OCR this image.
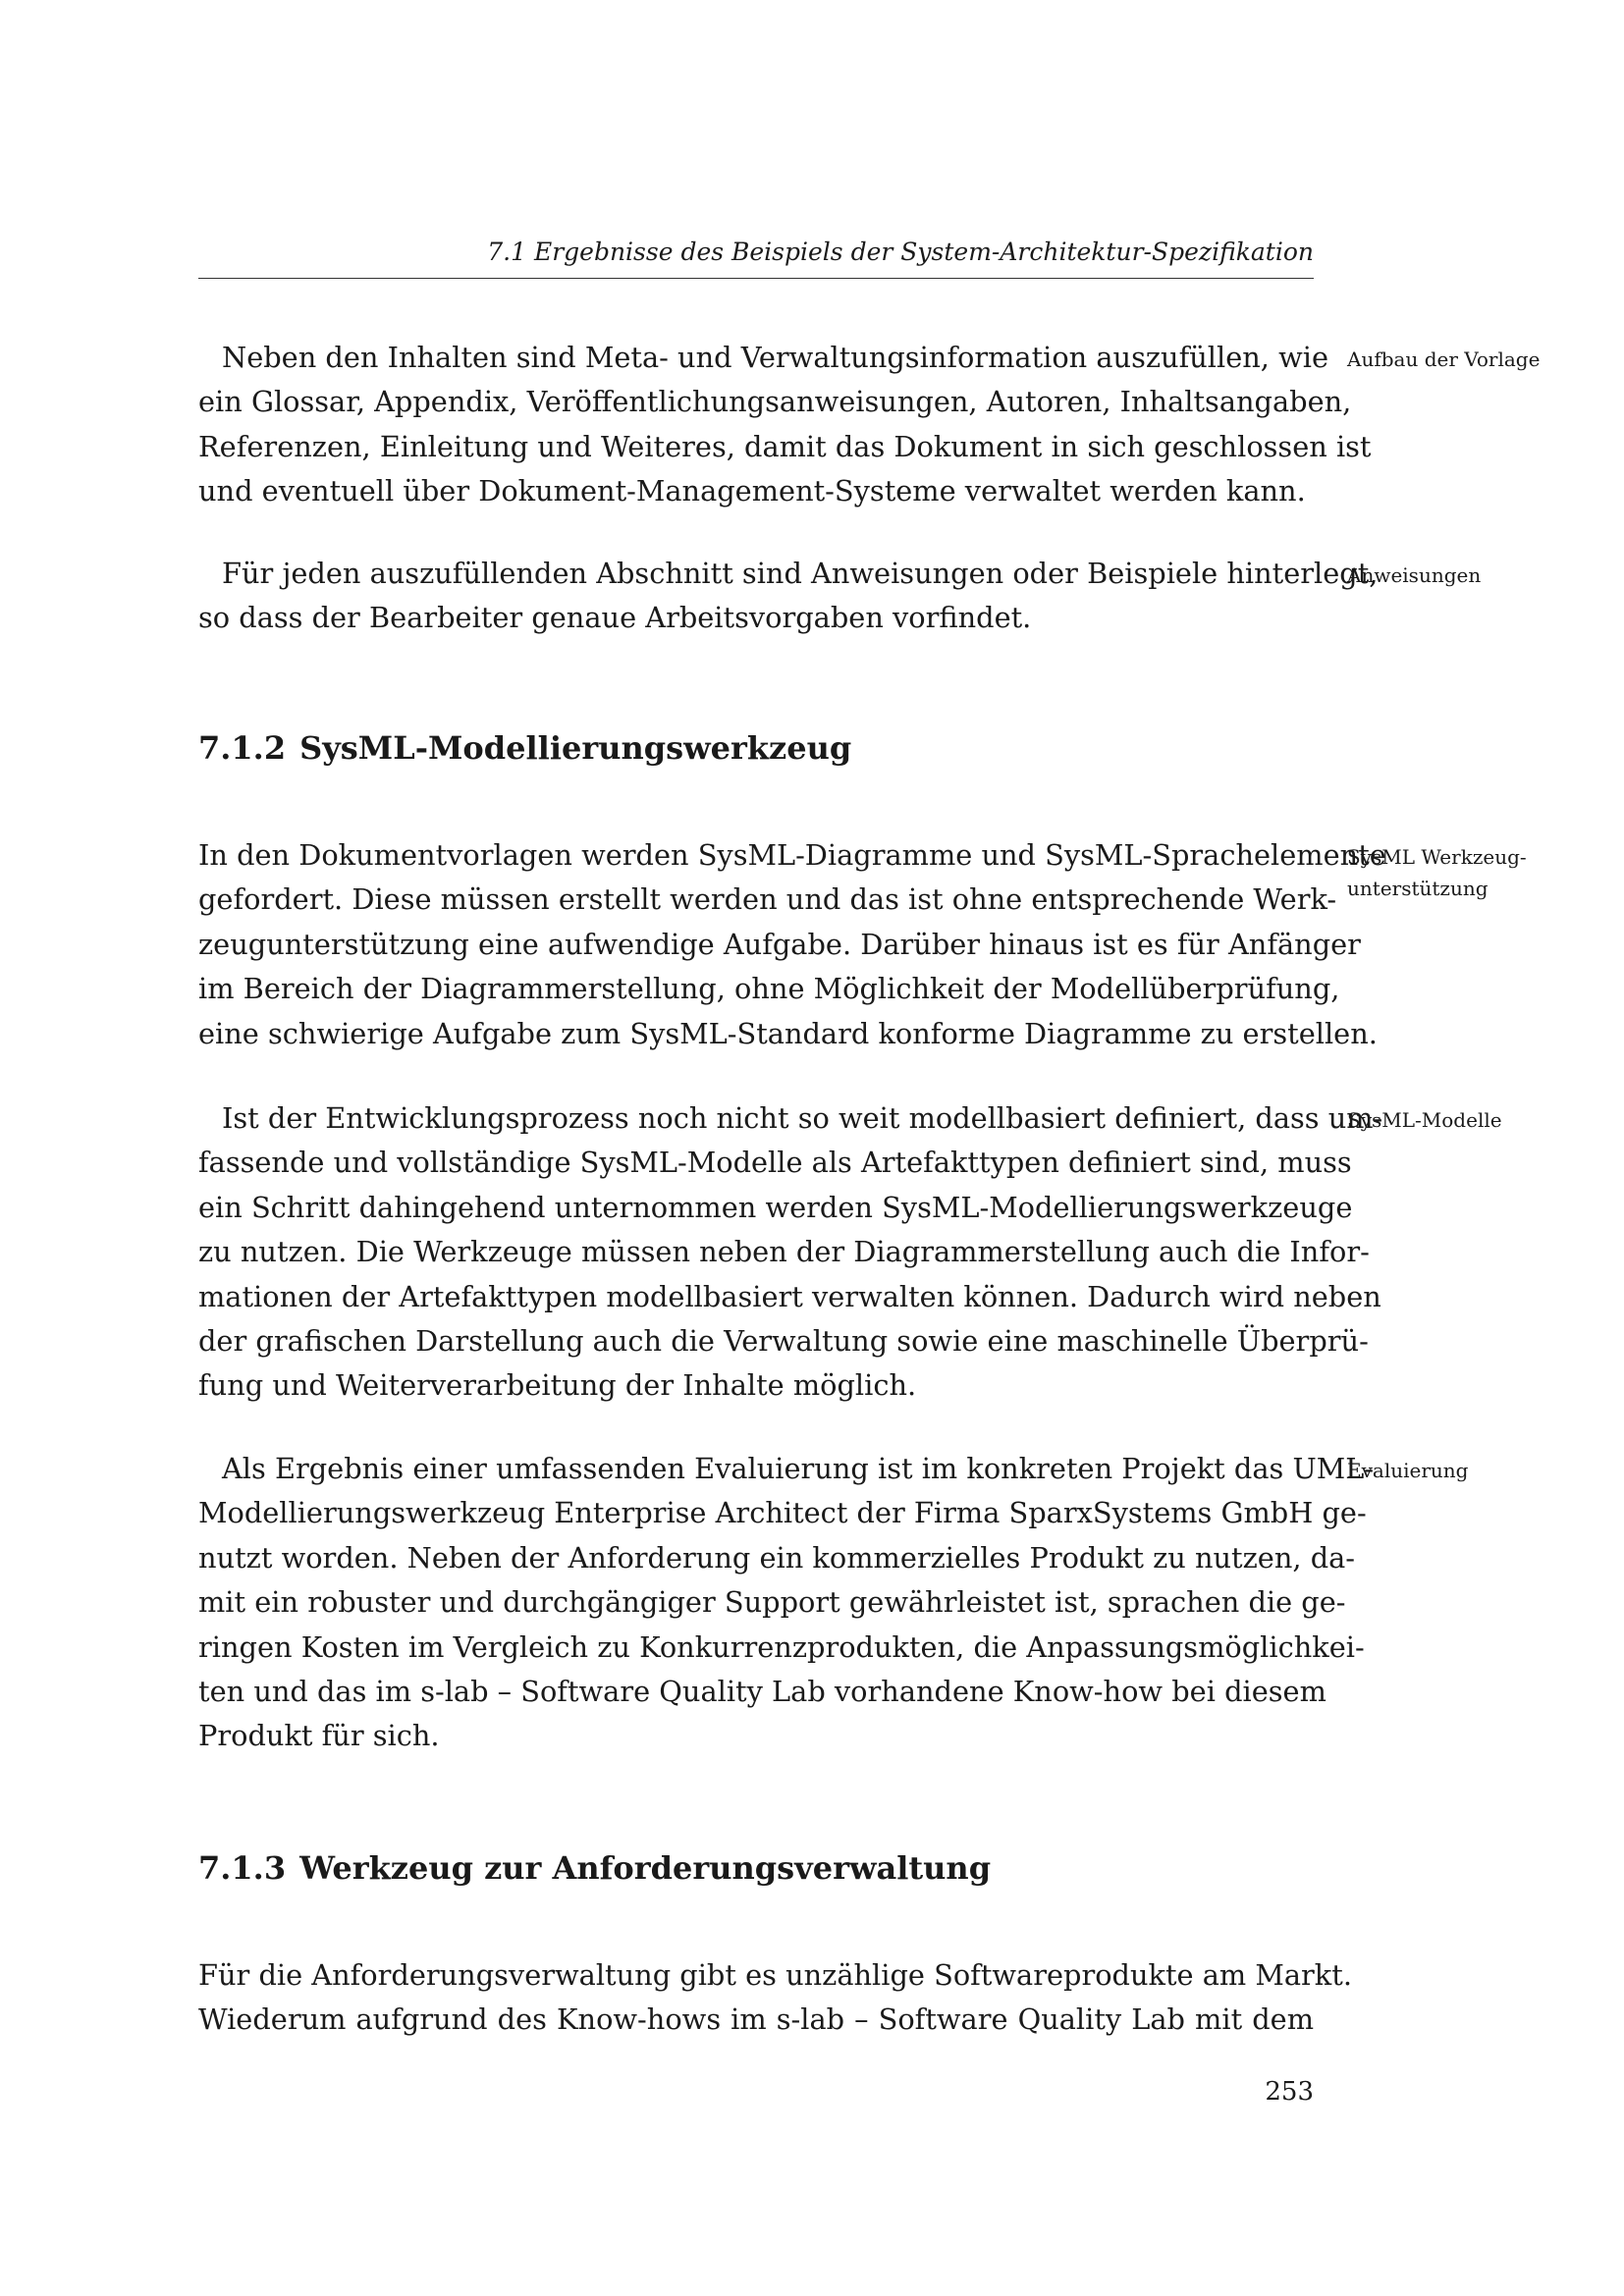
7.1 Ergebnisse des Beispiels der System-Architektur-Spezifikation

Neben den Inhalten sind Meta- und Verwaltungsinformation auszufüllen, wie
ein Glossar, Appendix, Veröffentlichungsanweisungen, Autoren, Inhaltsangaben,
Referenzen, Einleitung und Weiteres, damit das Dokument in sich geschlossen ist
und eventuell über Dokument-Management-Systeme verwaltet werden kann.

Aufbau der Vorlage

Für jeden auszufüllenden Abschnitt sind Anweisungen oder Beispiele hinterlegt,
so dass der Bearbeiter genaue Arbeitsvorgaben vorfindet.

Anweisungen

7.1.2 SysML-Modellierungswerkzeug

In den Dokumentvorlagen werden SysML-Diagramme und SysML-Sprachelemente
gefordert. Diese müssen erstellt werden und das ist ohne entsprechende Werk-
zeugunterstützung eine aufwendige Aufgabe. Darüber hinaus ist es für Anfänger
im Bereich der Diagrammerstellung, ohne Möglichkeit der Modellüberprüfung,
eine schwierige Aufgabe zum SysML-Standard konforme Diagramme zu erstellen.

SysML Werkzeug-
unterstützung

Ist der Entwicklungsprozess noch nicht so weit modellbasiert definiert, dass um-
fassende und vollständige SysML-Modelle als Artefakttypen definiert sind, muss
ein Schritt dahingehend unternommen werden SysML-Modellierungswerkzeuge
zu nutzen. Die Werkzeuge müssen neben der Diagrammerstellung auch die Infor-
mationen der Artefakttypen modellbasiert verwalten können. Dadurch wird neben
der grafischen Darstellung auch die Verwaltung sowie eine maschinelle Überprü-
fung und Weiterverarbeitung der Inhalte möglich.

SysML-Modelle

Als Ergebnis einer umfassenden Evaluierung ist im konkreten Projekt das UML-
Modellierungswerkzeug Enterprise Architect der Firma SparxSystems GmbH ge-
nutzt worden. Neben der Anforderung ein kommerzielles Produkt zu nutzen, da-
mit ein robuster und durchgängiger Support gewährleistet ist, sprachen die ge-
ringen Kosten im Vergleich zu Konkurrenzprodukten, die Anpassungsmöglichkei-
ten und das im s-lab – Software Quality Lab vorhandene Know-how bei diesem
Produkt für sich.

Evaluierung

7.1.3 Werkzeug zur Anforderungsverwaltung

Für die Anforderungsverwaltung gibt es unzählige Softwareprodukte am Markt.
Wiederum aufgrund des Know-hows im s-lab – Software Quality Lab mit dem

253
